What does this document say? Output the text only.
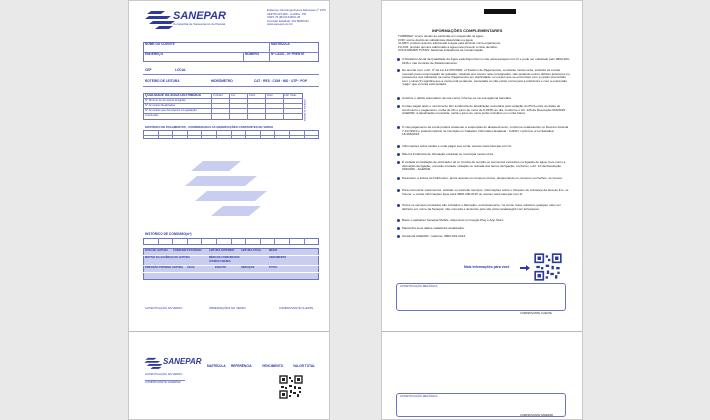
SANEPAR
Companhia de Saneamento do Paraná
Endereço: Rua Engenheiros Rebouças nº 1376
CEP 80.215-900 - Curitiba - PR
CNPJ 76.484.013/0001-45
Inscrição Estadual: 101.80060-84
www.sanepar.com.br
NOME DO CLIENTE	MATRÍCULA
ENDEREÇO	NÚMERO	Nº LADO - Nº FRENTE
CEP	LOCAL
ROTEIRO DE LEITURA	HIDRÔMETRO	CAT · RES · COM · IND · UTP · POP
QUALIDADE DA ÁGUA DISTRIBUÍDA	Turbidez	Cor	Cloro	Flúor	Colif. Totais
Nº Mínimo de Amostras Exigidas
Nº Amostras Realizadas
Nº Amostras que Atenderam à Legislação
Conclusão	Unidades de medida
HISTÓRICO DE PAGAMENTOS - CONSIDERADAS AS OBSERVAÇÕES CONSTANTES NO VERSO
HISTÓRICO DE CONSUMO(m³)
DATA DE LEITURA CONSUMO FATURADO	LEITURA ANTERIOR	LEITURA ATUAL	MÉDIA
MOTIVO DA AUSÊNCIA DE LEITURA	MÉDIA DE CONSUMO DOS ÚLTIMOS 6 MESES
VENCIMENTO
PREVISÃO PRÓXIMA LEITURA ÁGUA	ESGOTO	SERVIÇOS	TOTAL
AUTENTICAÇÃO NO VERSO	OBSERVAÇÕES NO VERSO	COMPROVANTE CLIENTE
SANEPAR MATRÍCULA REFERÊNCIA	VENCIMENTO	VALOR TOTAL
AUTENTICAÇÃO NO VERSO
COMPROVANTE SANEPAR
INFORMAÇÕES COMPLEMENTARES
TURBIDEZ: ocorre devido às partículas em suspensão na água;
COR: ocorre devido às substâncias dissolvidas na água;
CLORO: produto químico adicionado à água para eliminar micro-organismos;
FLÚOR: produto químico adicionado à água para prevenir a cárie dentária;
COLIFORMES TOTAIS: bactérias indicadoras de contaminação.
O Relatório Anual da Qualidade da Água está disponível no site www.sanepar.com.br e pode ser solicitado pelo 0800-200-0115 e nas Centrais de Relacionamento.
De acordo com o Art. 4º da Lei 12.007/2009, o Histórico de Pagamentos, constante nesta conta, substitui as contas mensais para comprovação de quitação, relativas aos meses nela consignados, não quitando outros débitos anteriores ou posteriores aos indicados na conta. Pagamentos em duplicidade: os meses que se encontram com a opção preenchido com o sinal (X) significa que a conta está pendente, cancelada ou não existe conta para a referência e com a expressão "pago" que a conta está quitada.
Autorize o débito automático da sua conta. Informe-se na sua agência bancária.
Contas pagas após o vencimento têm incidência de atualização monetária pela variação do IPCA entre as datas de vencimento e pagamento, multa de 2% e juros de mora de 0,033% ao dia, conforme o Art. 125 da Resolução 003/2020 - AGEPAR. A atualização monetária, multa e juros de mora serão incluídos em conta futura.
O não pagamento da conta poderá ocasionar a suspensão do abastecimento, conforme estabelecido no Decreto Federal 7.217/2010 e poderá implicar na inscrição no Cadastro Informativo Estadual - CADIN, conforme a Lei Estadual 18.466/2015.
Informações sobre tarifas e onde pagar sua conta, acesse www.sanepar.com.br.
Não há incidência de tributação estadual ou municipal nesta conta.
É vedada a instalação de eliminador de ar, bomba de sucção ou elementos estranhos na ligação de água, bem como a derivação da ligação, conexão cruzada, violação ou retirada dos lacres da ligação, conforme o Art. 10 da Resolução 003/2020 - AGEPAR.
Para fazer a leitura do hidrômetro, anote apenas os números pretos, desprezando os números vermelhos, se houver.
Para comunicar vazamentos, solicitar ou cancelar serviços, informações sobre o bloqueio de cobrança da taxa de lixo, se houver, e outras informações ligue para 0800-200-0115 ou acesse www.sanepar.com.br.
Todos os serviços prestados são cobrados e faturados, exclusivamente, na conta. Caso solicitem qualquer valor em dinheiro em nome da Sanepar, não conceda e denuncie pelo site www.canaletegird.com.br/sanepar.
Baixe o aplicativo Sanepar Mobile, disponível no Google Play e App Store.
Mantenha seus dados cadastrais atualizados.
Ouvidoria AGEPAR - telefone: 0800-644-2013.
Mais informações para você
AUTENTICAÇÃO MECÂNICA
COMPROVANTE CLIENTE
AUTENTICAÇÃO MECÂNICA
COMPROVANTE SANEPAR
